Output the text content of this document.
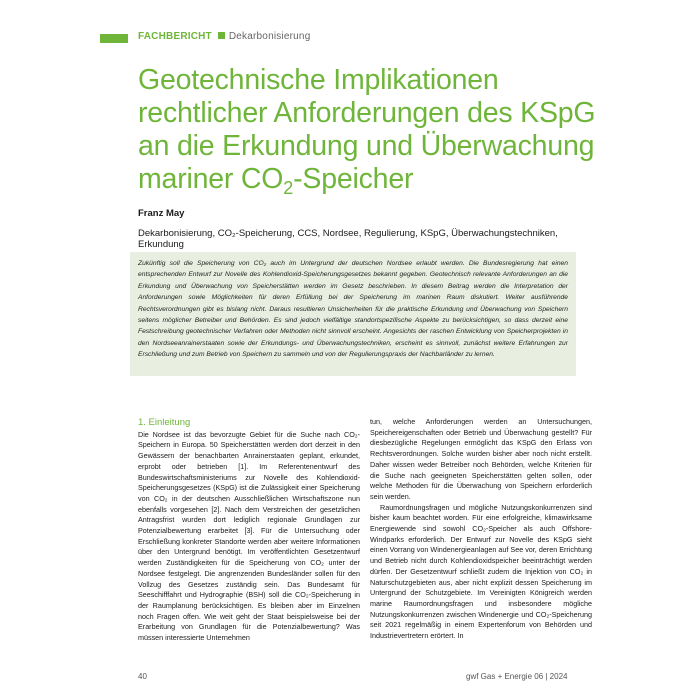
FACHBERICHT Dekarbonisierung
Geotechnische Implikationen
rechtlicher Anforderungen des KSpG
an die Erkundung und Überwachung
mariner $CO_2$-Speicher
Franz May
Dekarbonisierung, CO₂-Speicherung, CCS, Nordsee, Regulierung, KSpG, Überwachungstechniken, Erkundung
Zukünftig soll die Speicherung von CO₂ auch im Untergrund der deutschen Nordsee erlaubt werden. Die Bundesregierung hat einen entsprechenden Entwurf zur Novelle des Kohlendioxid-Speicherungsgesetzes bekannt gegeben. Geotechnisch relevante Anforderungen an die Erkundung und Überwachung von Speicherstätten werden im Gesetz beschrieben. In diesem Beitrag werden die Interpretation der Anforderungen sowie Möglichkeiten für deren Erfüllung bei der Speicherung im marinen Raum diskutiert. Weiter ausführende Rechtsverordnungen gibt es bislang nicht. Daraus resultieren Unsicherheiten für die praktische Erkundung und Überwachung von Speichern seitens möglicher Betreiber und Behörden. Es sind jedoch vielfältige standortspezifische Aspekte zu berücksichtigen, so dass derzeit eine Festschreibung geotechnischer Verfahren oder Methoden nicht sinnvoll erscheint. Angesichts der raschen Entwicklung von Speicherprojekten in den Nordseeanrainerstaaten sowie der Erkundungs- und Überwachungstechniken, erscheint es sinnvoll, zunächst weitere Erfahrungen zur Erschließung und zum Betrieb von Speichern zu sammeln und von der Regulierungspraxis der Nachbarländer zu lernen.
1. Einleitung

Die Nordsee ist das bevorzugte Gebiet für die Suche nach CO₂-Speichern in Europa. 50 Speicherstätten werden dort derzeit in den Gewässern der benachbarten Anrainerstaaten geplant, erkundet, erprobt oder betrieben [1]. Im Referentenentwurf des Bundeswirtschaftsministeriums zur Novelle des Kohlendioxid-Speicherungsgesetzes (KSpG) ist die Zulässigkeit einer Speicherung von CO₂ in der deutschen Ausschließlichen Wirtschaftszone nun ebenfalls vorgesehen [2]. Nach dem Verstreichen der gesetzlichen Antragsfrist wurden dort lediglich regionale Grundlagen zur Potenzialbewertung erarbeitet [3]. Für die Untersuchung oder Erschließung konkreter Standorte werden aber weitere Informationen über den Untergrund benötigt. Im veröffentlichten Gesetzentwurf werden Zuständigkeiten für die Speicherung von CO₂ unter der Nordsee festgelegt. Die angrenzenden Bundesländer sollen für den Vollzug des Gesetzes zuständig sein. Das Bundesamt für Seeschifffahrt und Hydrographie (BSH) soll die CO₂-Speicherung in der Raumplanung berücksichtigen. Es bleiben aber im Einzelnen noch Fragen offen. Wie weit geht der Staat beispielsweise bei der Erarbeitung von Grundlagen für die Potenzialbewertung? Was müssen interessierte Unternehmen

tun, welche Anforderungen werden an Untersuchungen, Speichereigenschaften oder Betrieb und Überwachung gestellt? Für diesbezügliche Regelungen ermöglicht das KSpG den Erlass von Rechtsverordnungen. Solche wurden bisher aber noch nicht erstellt. Daher wissen weder Betreiber noch Behörden, welche Kriterien für die Suche nach geeigneten Speicherstätten gelten sollen, oder welche Methoden für die Überwachung von Speichern erforderlich sein werden.

Raumordnungsfragen und mögliche Nutzungskonkurrenzen sind bisher kaum beachtet worden. Für eine erfolgreiche, klimawirksame Energiewende sind sowohl CO₂-Speicher als auch Offshore-Windparks erforderlich. Der Entwurf zur Novelle des KSpG sieht einen Vorrang von Windenergieanlagen auf See vor, deren Errichtung und Betrieb nicht durch Kohlendioxidspeicher beeinträchtigt werden dürfen. Der Gesetzentwurf schließt zudem die Injektion von CO₂ in Naturschutzgebieten aus, aber nicht explizit dessen Speicherung im Untergrund der Schutzgebiete. Im Vereinigten Königreich werden marine Raumordnungsfragen und insbesondere mögliche Nutzungskonkurrenzen zwischen Windenergie und CO₂-Speicherung seit 2021 regelmäßig in einem Expertenforum von Behörden und Industrievertretern erörtert. In

40	gwf Gas + Energie 06 | 2024
